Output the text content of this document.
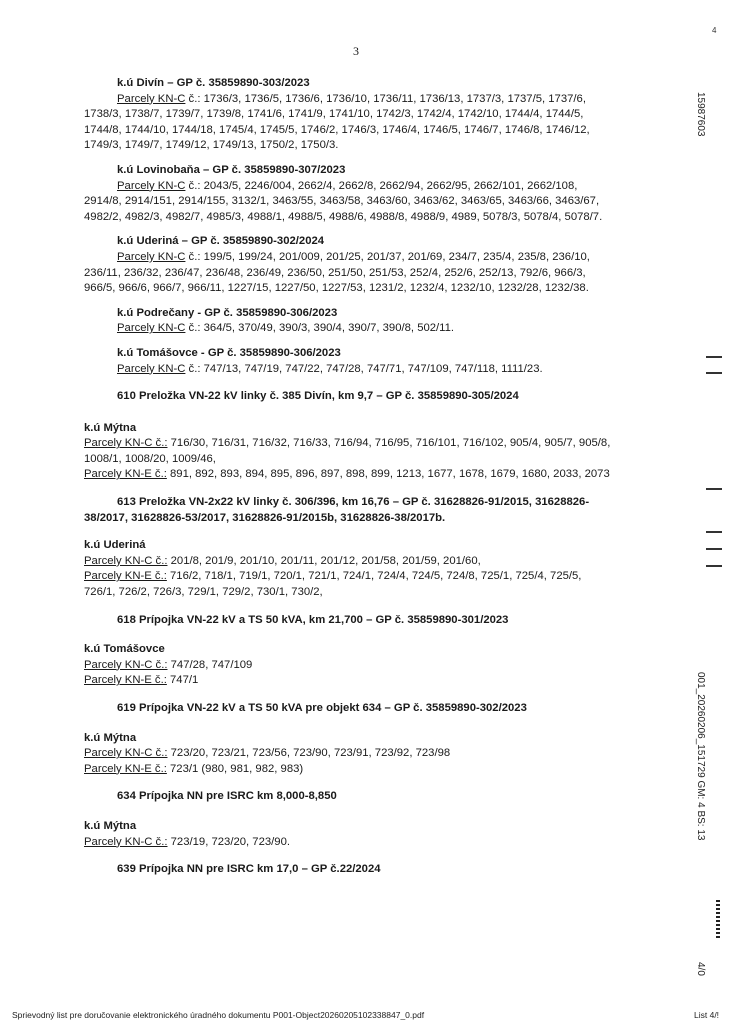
4
3
15987603
001_20260206_151729 GM: 4 BS: 13
4/0
k.ú Divín – GP č. 35859890-303/2023
Parcely KN-C č.: 1736/3, 1736/5, 1736/6, 1736/10, 1736/11, 1736/13, 1737/3, 1737/5, 1737/6,
1738/3, 1738/7, 1739/7, 1739/8, 1741/6, 1741/9, 1741/10, 1742/3, 1742/4, 1742/10, 1744/4, 1744/5,
1744/8, 1744/10, 1744/18, 1745/4, 1745/5, 1746/2, 1746/3, 1746/4, 1746/5, 1746/7, 1746/8, 1746/12,
1749/3, 1749/7, 1749/12, 1749/13, 1750/2, 1750/3.
k.ú Lovinobaňa – GP č. 35859890-307/2023
Parcely KN-C č.: 2043/5, 2246/004, 2662/4, 2662/8, 2662/94, 2662/95, 2662/101, 2662/108,
2914/8, 2914/151, 2914/155, 3132/1, 3463/55, 3463/58, 3463/60, 3463/62, 3463/65, 3463/66, 3463/67,
4982/2, 4982/3, 4982/7, 4985/3, 4988/1, 4988/5, 4988/6, 4988/8, 4988/9, 4989, 5078/3, 5078/4, 5078/7.
k.ú Uderiná – GP č. 35859890-302/2024
Parcely KN-C č.: 199/5, 199/24, 201/009, 201/25, 201/37, 201/69, 234/7, 235/4, 235/8, 236/10,
236/11, 236/32, 236/47, 236/48, 236/49, 236/50, 251/50, 251/53, 252/4, 252/6, 252/13, 792/6, 966/3,
966/5, 966/6, 966/7, 966/11, 1227/15, 1227/50, 1227/53, 1231/2, 1232/4, 1232/10, 1232/28, 1232/38.
k.ú Podrečany - GP č. 35859890-306/2023
Parcely KN-C č.: 364/5, 370/49, 390/3, 390/4, 390/7, 390/8, 502/11.
k.ú Tomášovce - GP č. 35859890-306/2023
Parcely KN-C č.: 747/13, 747/19, 747/22, 747/28, 747/71, 747/109, 747/118, 1111/23.
610 Preložka VN-22 kV linky č. 385 Divín, km 9,7 – GP č. 35859890-305/2024
k.ú Mýtna
Parcely KN-C č.: 716/30, 716/31, 716/32, 716/33, 716/94, 716/95, 716/101, 716/102, 905/4, 905/7, 905/8,
1008/1, 1008/20, 1009/46,
Parcely KN-E č.: 891, 892, 893, 894, 895, 896, 897, 898, 899, 1213, 1677, 1678, 1679, 1680, 2033, 2073
613 Preložka VN-2x22 kV linky č. 306/396, km 16,76 – GP č. 31628826-91/2015, 31628826-
38/2017, 31628826-53/2017, 31628826-91/2015b, 31628826-38/2017b.
k.ú Uderiná
Parcely KN-C č.: 201/8, 201/9, 201/10, 201/11, 201/12, 201/58, 201/59, 201/60,
Parcely KN-E č.: 716/2, 718/1, 719/1, 720/1, 721/1, 724/1, 724/4, 724/5, 724/8, 725/1, 725/4, 725/5,
726/1, 726/2, 726/3, 729/1, 729/2, 730/1, 730/2,
618 Prípojka VN-22 kV a TS 50 kVA, km 21,700 – GP č. 35859890-301/2023
k.ú Tomášovce
Parcely KN-C č.: 747/28, 747/109
Parcely KN-E č.: 747/1
619 Prípojka VN-22 kV a TS 50 kVA pre objekt 634 – GP č. 35859890-302/2023
k.ú Mýtna
Parcely KN-C č.: 723/20, 723/21, 723/56, 723/90, 723/91, 723/92, 723/98
Parcely KN-E č.: 723/1 (980, 981, 982, 983)
634 Prípojka NN pre ISRC km 8,000-8,850
k.ú Mýtna
Parcely KN-C č.: 723/19, 723/20, 723/90.
639 Prípojka NN pre ISRC km 17,0 – GP č.22/2024
Sprievodný list pre doručovanie elektronického úradného dokumentu P001-Object20260205102338847_0.pdf	List 4/!
